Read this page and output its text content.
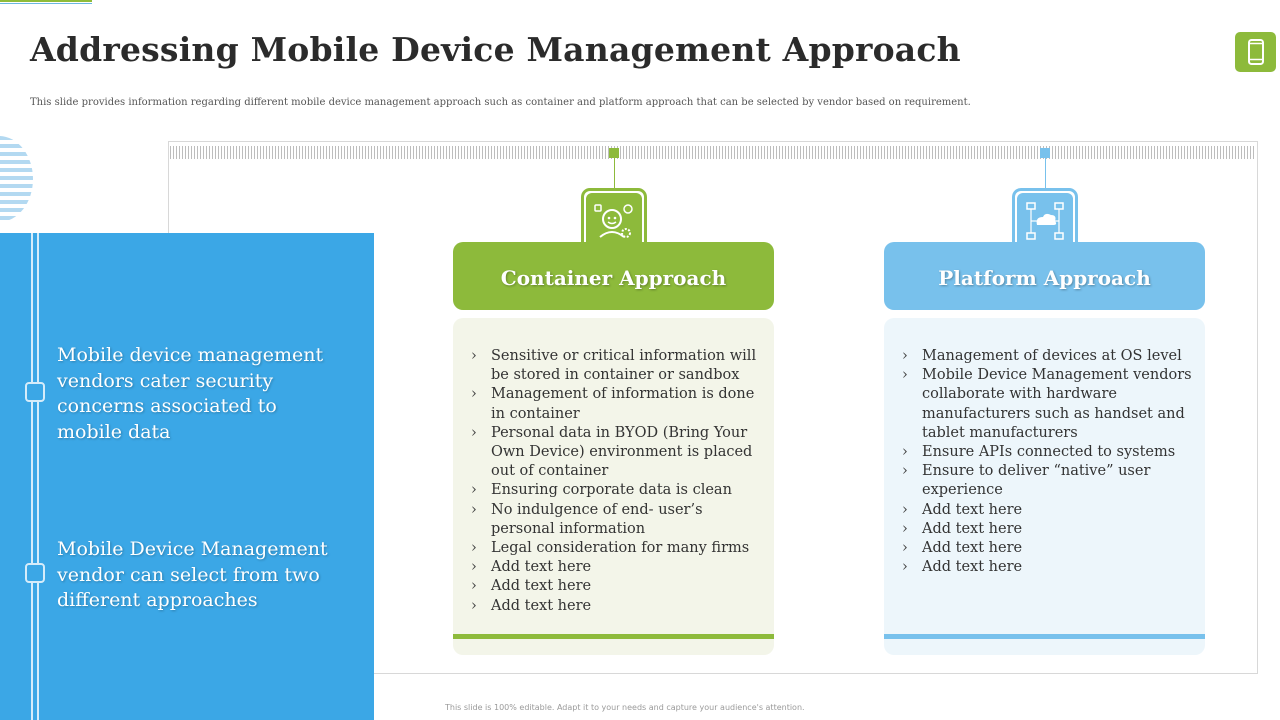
Addressing Mobile Device Management Approach

This slide provides information regarding different mobile device management approach such as container and platform approach that can be selected by vendor based on requirement.

Mobile device management vendors cater security concerns associated to mobile data

Mobile Device Management vendor can select from two different approaches

Container Approach	Platform Approach
› Sensitive or critical information will be stored in container or sandbox
› Management of information is done in container
› Personal data in BYOD (Bring Your Own Device) environment is placed out of container
› Ensuring corporate data is clean
› No indulgence of end- user’s personal information
› Legal consideration for many firms
› Add text here
› Add text here
› Add text here
› Management of devices at OS level
› Mobile Device Management vendors collaborate with hardware manufacturers such as handset and tablet manufacturers
› Ensure APIs connected to systems
› Ensure to deliver “native” user experience
› Add text here
› Add text here
› Add text here
› Add text here

This slide is 100% editable. Adapt it to your needs and capture your audience's attention.
